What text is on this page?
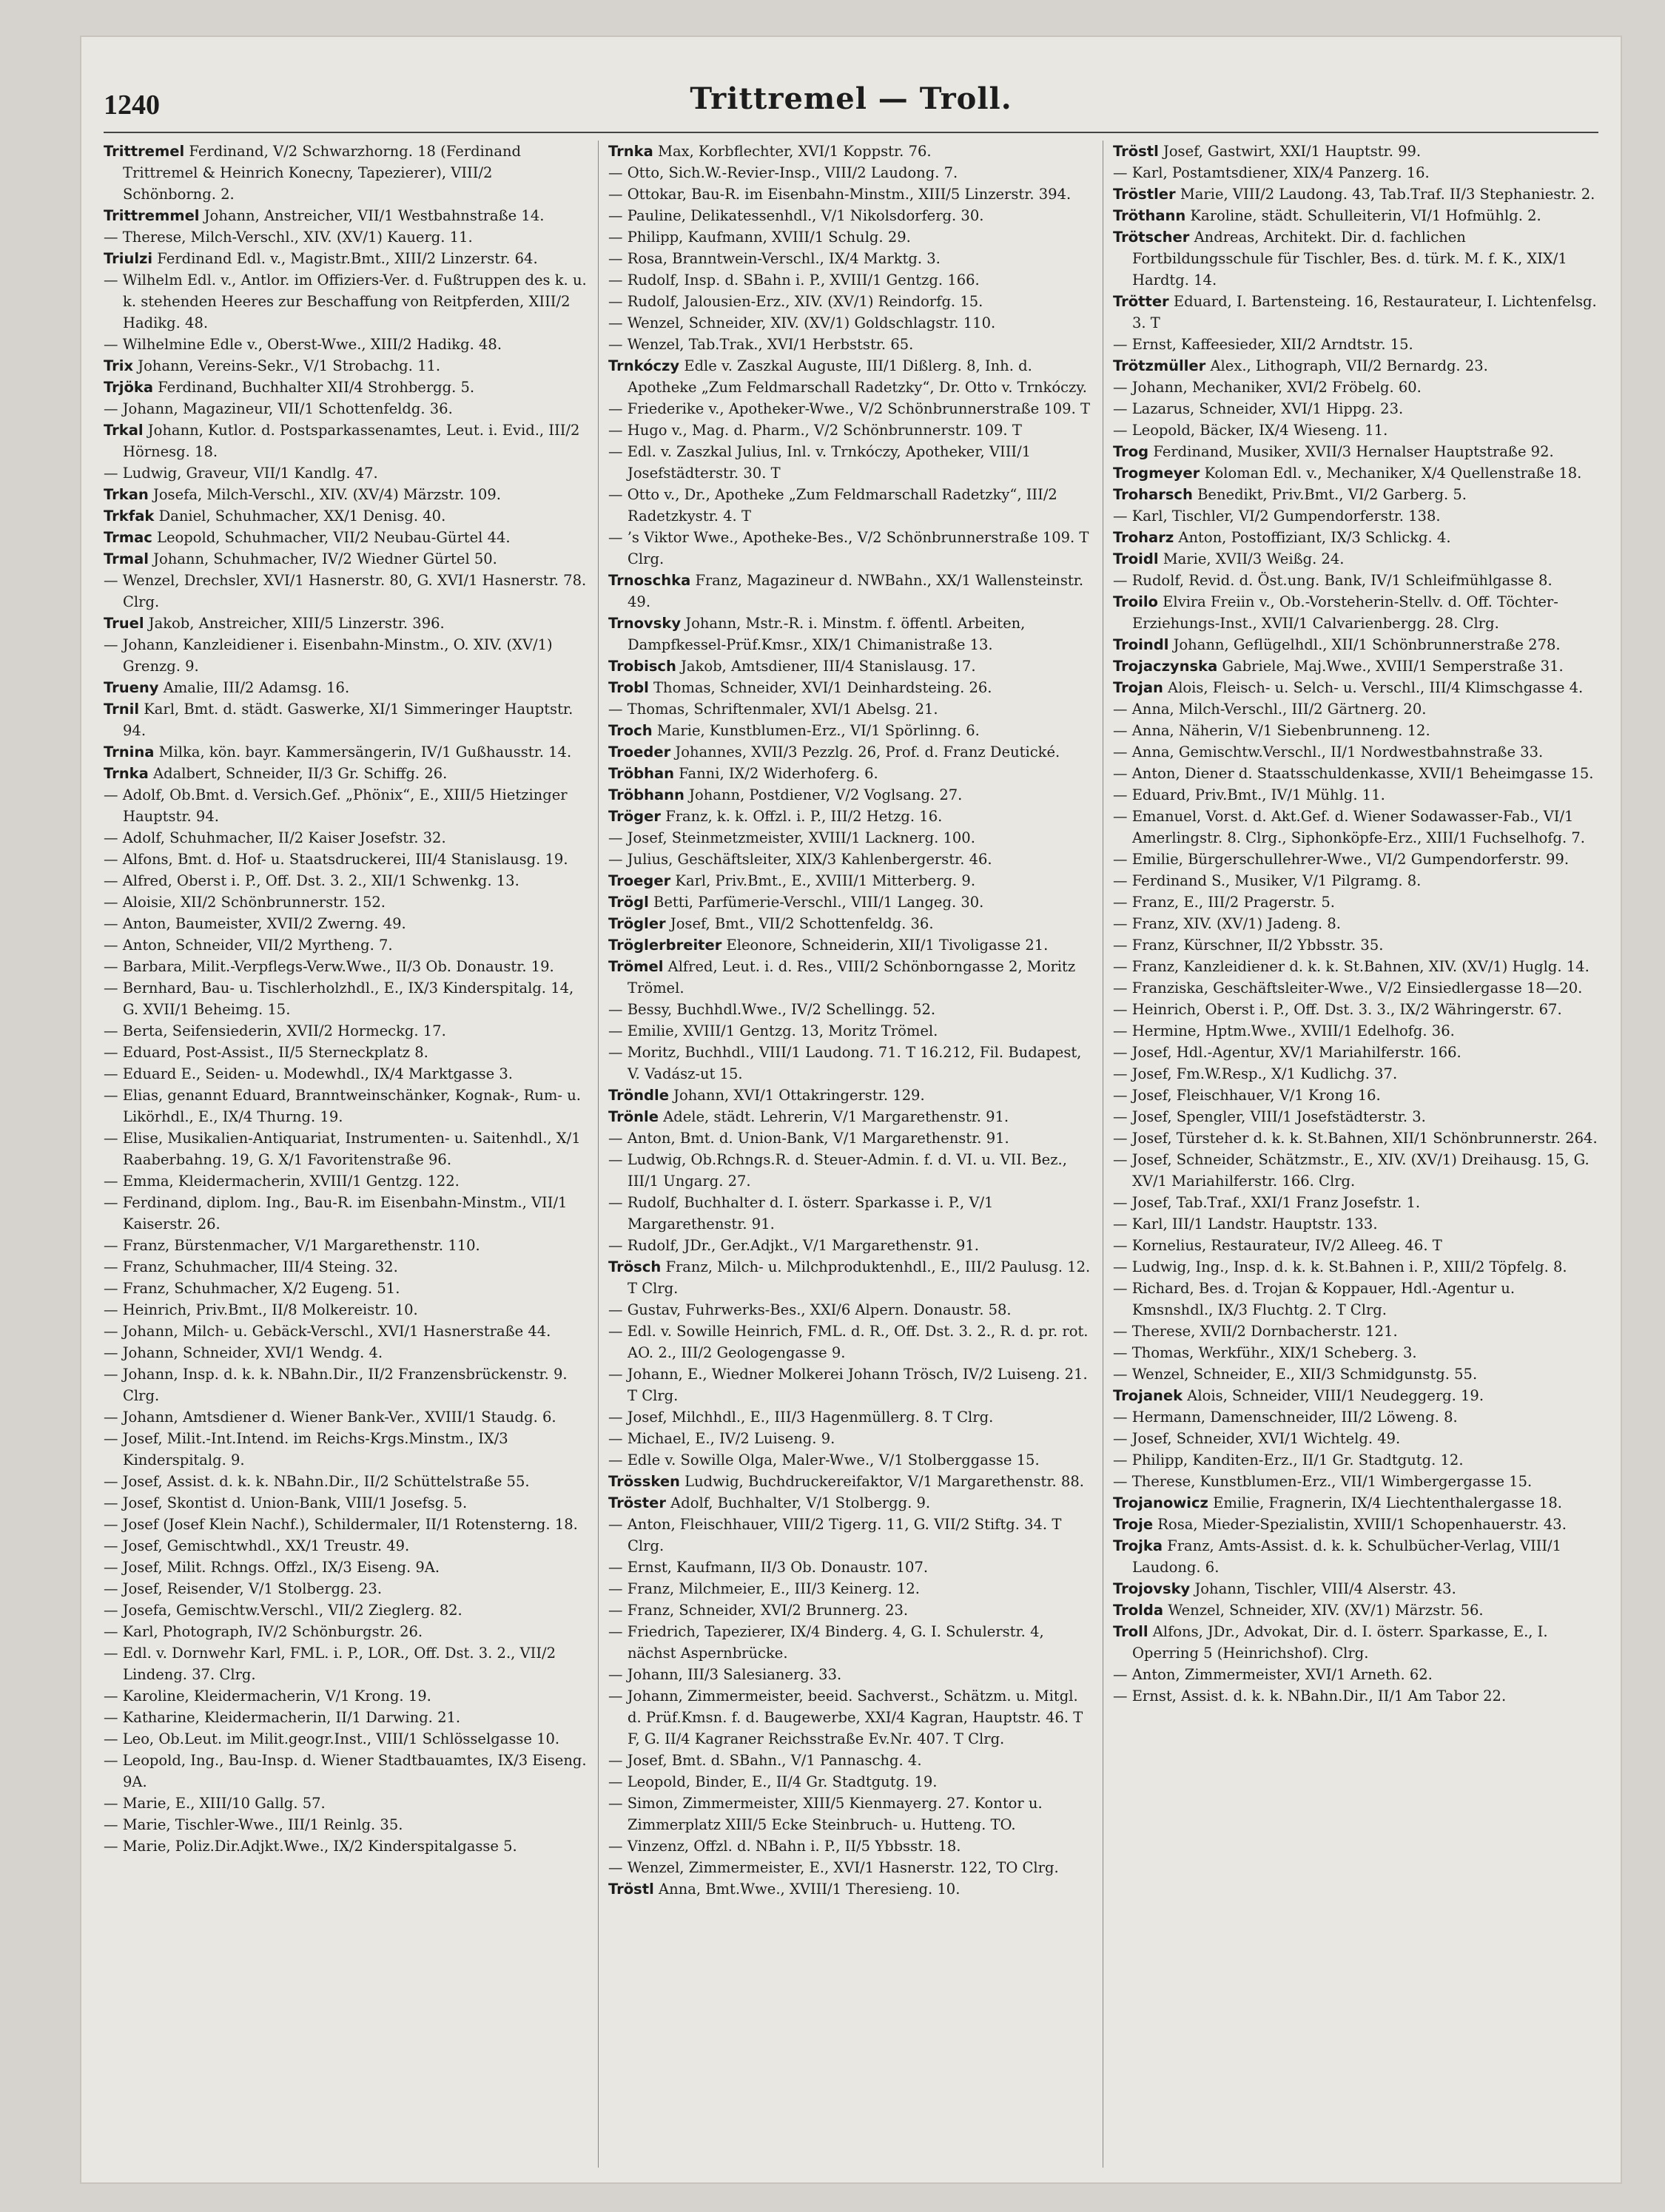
1240	Trittremel — Troll.

Trittremel Ferdinand, V/2 Schwarzhorng. 18 (Ferdinand Trittremel & Heinrich Konecny, Tapezierer), VIII/2 Schönborng. 2.

Trittremmel Johann, Anstreicher, VII/1 Westbahnstraße 14.

— Therese, Milch-Verschl., XIV. (XV/1) Kauerg. 11.

Triulzi Ferdinand Edl. v., Magistr.Bmt., XIII/2 Linzerstr. 64.

— Wilhelm Edl. v., Antlor. im Offiziers-Ver. d. Fußtruppen des k. u. k. stehenden Heeres zur Beschaffung von Reitpferden, XIII/2 Hadikg. 48.

— Wilhelmine Edle v., Oberst-Wwe., XIII/2 Hadikg. 48.

Trix Johann, Vereins-Sekr., V/1 Strobachg. 11.

Trjöka Ferdinand, Buchhalter XII/4 Strohbergg. 5.

— Johann, Magazineur, VII/1 Schottenfeldg. 36.

Trkal Johann, Kutlor. d. Postsparkassenamtes, Leut. i. Evid., III/2 Hörnesg. 18.

— Ludwig, Graveur, VII/1 Kandlg. 47.

Trkan Josefa, Milch-Verschl., XIV. (XV/4) Märzstr. 109.

Trkfak Daniel, Schuhmacher, XX/1 Denisg. 40.

Trmac Leopold, Schuhmacher, VII/2 Neubau-Gürtel 44.

Trmal Johann, Schuhmacher, IV/2 Wiedner Gürtel 50.

— Wenzel, Drechsler, XVI/1 Hasnerstr. 80, G. XVI/1 Hasnerstr. 78. Clrg.

Truel Jakob, Anstreicher, XIII/5 Linzerstr. 396.

— Johann, Kanzleidiener i. Eisenbahn-Minstm., O. XIV. (XV/1) Grenzg. 9.

Trueny Amalie, III/2 Adamsg. 16.

Trnil Karl, Bmt. d. städt. Gaswerke, XI/1 Simmeringer Hauptstr. 94.

Trnina Milka, kön. bayr. Kammersängerin, IV/1 Gußhausstr. 14.

Trnka Adalbert, Schneider, II/3 Gr. Schiffg. 26.

— Adolf, Ob.Bmt. d. Versich.Gef. „Phönix“, E., XIII/5 Hietzinger Hauptstr. 94.

— Adolf, Schuhmacher, II/2 Kaiser Josefstr. 32.

— Alfons, Bmt. d. Hof- u. Staatsdruckerei, III/4 Stanislausg. 19.

— Alfred, Oberst i. P., Off. Dst. 3. 2., XII/1 Schwenkg. 13.

— Aloisie, XII/2 Schönbrunnerstr. 152.

— Anton, Baumeister, XVII/2 Zwerng. 49.

— Anton, Schneider, VII/2 Myrtheng. 7.

— Barbara, Milit.-Verpflegs-Verw.Wwe., II/3 Ob. Donaustr. 19.

— Bernhard, Bau- u. Tischlerholzhdl., E., IX/3 Kinderspitalg. 14, G. XVII/1 Beheimg. 15.

— Berta, Seifensiederin, XVII/2 Hormeckg. 17.

— Eduard, Post-Assist., II/5 Sterneckplatz 8.

— Eduard E., Seiden- u. Modewhdl., IX/4 Marktgasse 3.

— Elias, genannt Eduard, Branntweinschänker, Kognak-, Rum- u. Likörhdl., E., IX/4 Thurng. 19.

— Elise, Musikalien-Antiquariat, Instrumenten- u. Saitenhdl., X/1 Raaberbahng. 19, G. X/1 Favoritenstraße 96.

— Emma, Kleidermacherin, XVIII/1 Gentzg. 122.

— Ferdinand, diplom. Ing., Bau-R. im Eisenbahn-Minstm., VII/1 Kaiserstr. 26.

— Franz, Bürstenmacher, V/1 Margarethenstr. 110.

— Franz, Schuhmacher, III/4 Steing. 32.

— Franz, Schuhmacher, X/2 Eugeng. 51.

— Heinrich, Priv.Bmt., II/8 Molkereistr. 10.

— Johann, Milch- u. Gebäck-Verschl., XVI/1 Hasnerstraße 44.

— Johann, Schneider, XVI/1 Wendg. 4.

— Johann, Insp. d. k. k. NBahn.Dir., II/2 Franzensbrückenstr. 9. Clrg.

— Johann, Amtsdiener d. Wiener Bank-Ver., XVIII/1 Staudg. 6.

— Josef, Milit.-Int.Intend. im Reichs-Krgs.Minstm., IX/3 Kinderspitalg. 9.

— Josef, Assist. d. k. k. NBahn.Dir., II/2 Schüttelstraße 55.

— Josef, Skontist d. Union-Bank, VIII/1 Josefsg. 5.

— Josef (Josef Klein Nachf.), Schildermaler, II/1 Rotensterng. 18.

— Josef, Gemischtwhdl., XX/1 Treustr. 49.

— Josef, Milit. Rchngs. Offzl., IX/3 Eiseng. 9A.

— Josef, Reisender, V/1 Stolbergg. 23.

— Josefa, Gemischtw.Verschl., VII/2 Zieglerg. 82.

— Karl, Photograph, IV/2 Schönburgstr. 26.

— Edl. v. Dornwehr Karl, FML. i. P., LOR., Off. Dst. 3. 2., VII/2 Lindeng. 37. Clrg.

— Karoline, Kleidermacherin, V/1 Krong. 19.

— Katharine, Kleidermacherin, II/1 Darwing. 21.

— Leo, Ob.Leut. im Milit.geogr.Inst., VIII/1 Schlösselgasse 10.

— Leopold, Ing., Bau-Insp. d. Wiener Stadtbauamtes, IX/3 Eiseng. 9A.

— Marie, E., XIII/10 Gallg. 57.

— Marie, Tischler-Wwe., III/1 Reinlg. 35.

— Marie, Poliz.Dir.Adjkt.Wwe., IX/2 Kinderspitalgasse 5.

Trnka Max, Korbflechter, XVI/1 Koppstr. 76.

— Otto, Sich.W.-Revier-Insp., VIII/2 Laudong. 7.

— Ottokar, Bau-R. im Eisenbahn-Minstm., XIII/5 Linzerstr. 394.

— Pauline, Delikatessenhdl., V/1 Nikolsdorferg. 30.

— Philipp, Kaufmann, XVIII/1 Schulg. 29.

— Rosa, Branntwein-Verschl., IX/4 Marktg. 3.

— Rudolf, Insp. d. SBahn i. P., XVIII/1 Gentzg. 166.

— Rudolf, Jalousien-Erz., XIV. (XV/1) Reindorfg. 15.

— Wenzel, Schneider, XIV. (XV/1) Goldschlagstr. 110.

— Wenzel, Tab.Trak., XVI/1 Herbststr. 65.

Trnkóczy Edle v. Zaszkal Auguste, III/1 Dißlerg. 8, Inh. d. Apotheke „Zum Feldmarschall Radetzky“, Dr. Otto v. Trnkóczy.

— Friederike v., Apotheker-Wwe., V/2 Schönbrunnerstraße 109. T

— Hugo v., Mag. d. Pharm., V/2 Schönbrunnerstr. 109. T

— Edl. v. Zaszkal Julius, Inl. v. Trnkóczy, Apotheker, VIII/1 Josefstädterstr. 30. T

— Otto v., Dr., Apotheke „Zum Feldmarschall Radetzky“, III/2 Radetzkystr. 4. T

— ’s Viktor Wwe., Apotheke-Bes., V/2 Schönbrunnerstraße 109. T Clrg.

Trnoschka Franz, Magazineur d. NWBahn., XX/1 Wallensteinstr. 49.

Trnovsky Johann, Mstr.-R. i. Minstm. f. öffentl. Arbeiten, Dampfkessel-Prüf.Kmsr., XIX/1 Chimanistraße 13.

Trobisch Jakob, Amtsdiener, III/4 Stanislausg. 17.

Trobl Thomas, Schneider, XVI/1 Deinhardsteing. 26.

— Thomas, Schriftenmaler, XVI/1 Abelsg. 21.

Troch Marie, Kunstblumen-Erz., VI/1 Spörlinng. 6.

Troeder Johannes, XVII/3 Pezzlg. 26, Prof. d. Franz Deutické.

Tröbhan Fanni, IX/2 Widerhoferg. 6.

Tröbhann Johann, Postdiener, V/2 Voglsang. 27.

Tröger Franz, k. k. Offzl. i. P., III/2 Hetzg. 16.

— Josef, Steinmetzmeister, XVIII/1 Lacknerg. 100.

— Julius, Geschäftsleiter, XIX/3 Kahlenbergerstr. 46.

Troeger Karl, Priv.Bmt., E., XVIII/1 Mitterberg. 9.

Trögl Betti, Parfümerie-Verschl., VIII/1 Langeg. 30.

Trögler Josef, Bmt., VII/2 Schottenfeldg. 36.

Tröglerbreiter Eleonore, Schneiderin, XII/1 Tivoligasse 21.

Trömel Alfred, Leut. i. d. Res., VIII/2 Schönborngasse 2, Moritz Trömel.

— Bessy, Buchhdl.Wwe., IV/2 Schellingg. 52.

— Emilie, XVIII/1 Gentzg. 13, Moritz Trömel.

— Moritz, Buchhdl., VIII/1 Laudong. 71. T 16.212, Fil. Budapest, V. Vadász-ut 15.

Tröndle Johann, XVI/1 Ottakringerstr. 129.

Trönle Adele, städt. Lehrerin, V/1 Margarethenstr. 91.

— Anton, Bmt. d. Union-Bank, V/1 Margarethenstr. 91.

— Ludwig, Ob.Rchngs.R. d. Steuer-Admin. f. d. VI. u. VII. Bez., III/1 Ungarg. 27.

— Rudolf, Buchhalter d. I. österr. Sparkasse i. P., V/1 Margarethenstr. 91.

— Rudolf, JDr., Ger.Adjkt., V/1 Margarethenstr. 91.

Trösch Franz, Milch- u. Milchproduktenhdl., E., III/2 Paulusg. 12. T Clrg.

— Gustav, Fuhrwerks-Bes., XXI/6 Alpern. Donaustr. 58.

— Edl. v. Sowille Heinrich, FML. d. R., Off. Dst. 3. 2., R. d. pr. rot. AO. 2., III/2 Geologengasse 9.

— Johann, E., Wiedner Molkerei Johann Trösch, IV/2 Luiseng. 21. T Clrg.

— Josef, Milchhdl., E., III/3 Hagenmüllerg. 8. T Clrg.

— Michael, E., IV/2 Luiseng. 9.

— Edle v. Sowille Olga, Maler-Wwe., V/1 Stolberggasse 15.

Trössken Ludwig, Buchdruckereifaktor, V/1 Margarethenstr. 88.

Tröster Adolf, Buchhalter, V/1 Stolbergg. 9.

— Anton, Fleischhauer, VIII/2 Tigerg. 11, G. VII/2 Stiftg. 34. T Clrg.

— Ernst, Kaufmann, II/3 Ob. Donaustr. 107.

— Franz, Milchmeier, E., III/3 Keinerg. 12.

— Franz, Schneider, XVI/2 Brunnerg. 23.

— Friedrich, Tapezierer, IX/4 Binderg. 4, G. I. Schulerstr. 4, nächst Aspernbrücke.

— Johann, III/3 Salesianerg. 33.

— Johann, Zimmermeister, beeid. Sachverst., Schätzm. u. Mitgl. d. Prüf.Kmsn. f. d. Baugewerbe, XXI/4 Kagran, Hauptstr. 46. T F, G. II/4 Kagraner Reichsstraße Ev.Nr. 407. T Clrg.

— Josef, Bmt. d. SBahn., V/1 Pannaschg. 4.

— Leopold, Binder, E., II/4 Gr. Stadtgutg. 19.

— Simon, Zimmermeister, XIII/5 Kienmayerg. 27. Kontor u. Zimmerplatz XIII/5 Ecke Steinbruch- u. Hutteng. TO.

— Vinzenz, Offzl. d. NBahn i. P., II/5 Ybbsstr. 18.

— Wenzel, Zimmermeister, E., XVI/1 Hasnerstr. 122, TO Clrg.

Tröstl Anna, Bmt.Wwe., XVIII/1 Theresieng. 10.

Tröstl Josef, Gastwirt, XXI/1 Hauptstr. 99.

— Karl, Postamtsdiener, XIX/4 Panzerg. 16.

Tröstler Marie, VIII/2 Laudong. 43, Tab.Traf. II/3 Stephaniestr. 2.

Tröthann Karoline, städt. Schulleiterin, VI/1 Hofmühlg. 2.

Trötscher Andreas, Architekt. Dir. d. fachlichen Fortbildungsschule für Tischler, Bes. d. türk. M. f. K., XIX/1 Hardtg. 14.

Trötter Eduard, I. Bartensteing. 16, Restaurateur, I. Lichtenfelsg. 3. T

— Ernst, Kaffeesieder, XII/2 Arndtstr. 15.

Trötzmüller Alex., Lithograph, VII/2 Bernardg. 23.

— Johann, Mechaniker, XVI/2 Fröbelg. 60.

— Lazarus, Schneider, XVI/1 Hippg. 23.

— Leopold, Bäcker, IX/4 Wieseng. 11.

Trog Ferdinand, Musiker, XVII/3 Hernalser Hauptstraße 92.

Trogmeyer Koloman Edl. v., Mechaniker, X/4 Quellenstraße 18.

Troharsch Benedikt, Priv.Bmt., VI/2 Garberg. 5.

— Karl, Tischler, VI/2 Gumpendorferstr. 138.

Troharz Anton, Postoffiziant, IX/3 Schlickg. 4.

Troidl Marie, XVII/3 Weißg. 24.

— Rudolf, Revid. d. Öst.ung. Bank, IV/1 Schleifmühlgasse 8.

Troilo Elvira Freiin v., Ob.-Vorsteherin-Stellv. d. Off. Töchter-Erziehungs-Inst., XVII/1 Calvarienbergg. 28. Clrg.

Troindl Johann, Geflügelhdl., XII/1 Schönbrunnerstraße 278.

Trojaczynska Gabriele, Maj.Wwe., XVIII/1 Semperstraße 31.

Trojan Alois, Fleisch- u. Selch- u. Verschl., III/4 Klimschgasse 4.

— Anna, Milch-Verschl., III/2 Gärtnerg. 20.

— Anna, Näherin, V/1 Siebenbrunneng. 12.

— Anna, Gemischtw.Verschl., II/1 Nordwestbahnstraße 33.

— Anton, Diener d. Staatsschuldenkasse, XVII/1 Beheimgasse 15.

— Eduard, Priv.Bmt., IV/1 Mühlg. 11.

— Emanuel, Vorst. d. Akt.Gef. d. Wiener Sodawasser-Fab., VI/1 Amerlingstr. 8. Clrg., Siphonköpfe-Erz., XIII/1 Fuchselhofg. 7.

— Emilie, Bürgerschullehrer-Wwe., VI/2 Gumpendorferstr. 99.

— Ferdinand S., Musiker, V/1 Pilgramg. 8.

— Franz, E., III/2 Pragerstr. 5.

— Franz, XIV. (XV/1) Jadeng. 8.

— Franz, Kürschner, II/2 Ybbsstr. 35.

— Franz, Kanzleidiener d. k. k. St.Bahnen, XIV. (XV/1) Huglg. 14.

— Franziska, Geschäftsleiter-Wwe., V/2 Einsiedlergasse 18—20.

— Heinrich, Oberst i. P., Off. Dst. 3. 3., IX/2 Währingerstr. 67.

— Hermine, Hptm.Wwe., XVIII/1 Edelhofg. 36.

— Josef, Hdl.-Agentur, XV/1 Mariahilferstr. 166.

— Josef, Fm.W.Resp., X/1 Kudlichg. 37.

— Josef, Fleischhauer, V/1 Krong 16.

— Josef, Spengler, VIII/1 Josefstädterstr. 3.

— Josef, Türsteher d. k. k. St.Bahnen, XII/1 Schönbrunnerstr. 264.

— Josef, Schneider, Schätzmstr., E., XIV. (XV/1) Dreihausg. 15, G. XV/1 Mariahilferstr. 166. Clrg.

— Josef, Tab.Traf., XXI/1 Franz Josefstr. 1.

— Karl, III/1 Landstr. Hauptstr. 133.

— Kornelius, Restaurateur, IV/2 Alleeg. 46. T

— Ludwig, Ing., Insp. d. k. k. St.Bahnen i. P., XIII/2 Töpfelg. 8.

— Richard, Bes. d. Trojan & Koppauer, Hdl.-Agentur u. Kmsnshdl., IX/3 Fluchtg. 2. T Clrg.

— Therese, XVII/2 Dornbacherstr. 121.

— Thomas, Werkführ., XIX/1 Scheberg. 3.

— Wenzel, Schneider, E., XII/3 Schmidgunstg. 55.

Trojanek Alois, Schneider, VIII/1 Neudeggerg. 19.

— Hermann, Damenschneider, III/2 Löweng. 8.

— Josef, Schneider, XVI/1 Wichtelg. 49.

— Philipp, Kanditen-Erz., II/1 Gr. Stadtgutg. 12.

— Therese, Kunstblumen-Erz., VII/1 Wimbergergasse 15.

Trojanowicz Emilie, Fragnerin, IX/4 Liechtenthalergasse 18.

Troje Rosa, Mieder-Spezialistin, XVIII/1 Schopenhauerstr. 43.

Trojka Franz, Amts-Assist. d. k. k. Schulbücher-Verlag, VIII/1 Laudong. 6.

Trojovsky Johann, Tischler, VIII/4 Alserstr. 43.

Trolda Wenzel, Schneider, XIV. (XV/1) Märzstr. 56.

Troll Alfons, JDr., Advokat, Dir. d. I. österr. Sparkasse, E., I. Operring 5 (Heinrichshof). Clrg.

— Anton, Zimmermeister, XVI/1 Arneth. 62.

— Ernst, Assist. d. k. k. NBahn.Dir., II/1 Am Tabor 22.
